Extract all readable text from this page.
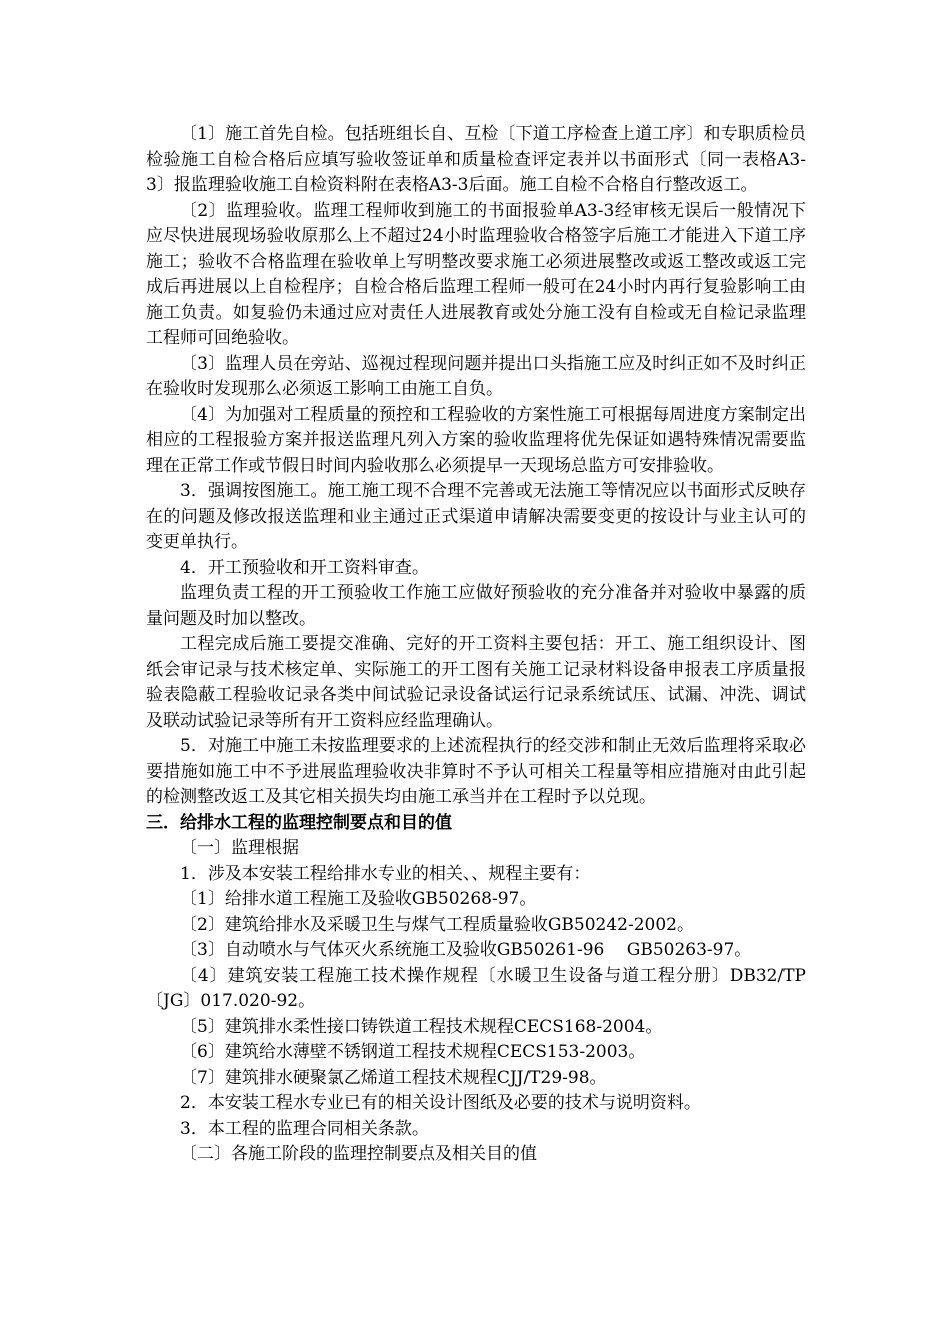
〔1〕施工首先自检。包括班组长自、互检〔下道工序检查上道工序〕和专职质检员检验施工自检合格后应填写验收签证单和质量检查评定表并以书面形式〔同一表格A3-3〕报监理验收施工自检资料附在表格A3-3后面。施工自检不合格自行整改返工。

〔2〕监理验收。监理工程师收到施工的书面报验单A3-3经审核无误后一般情况下应尽快进展现场验收原那么上不超过24小时监理验收合格签字后施工才能进入下道工序施工；验收不合格监理在验收单上写明整改要求施工必须进展整改或返工整改或返工完成后再进展以上自检程序；自检合格后监理工程师一般可在24小时内再行复验影响工由施工负责。如复验仍未通过应对责任人进展教育或处分施工没有自检或无自检记录监理工程师可回绝验收。

〔3〕监理人员在旁站、巡视过程现问题并提出口头指施工应及时纠正如不及时纠正在验收时发现那么必须返工影响工由施工自负。

〔4〕为加强对工程质量的预控和工程验收的方案性施工可根据每周进度方案制定出相应的工程报验方案并报送监理凡列入方案的验收监理将优先保证如遇特殊情况需要监理在正常工作或节假日时间内验收那么必须提早一天现场总监方可安排验收。

3．强调按图施工。施工施工现不合理不完善或无法施工等情况应以书面形式反映存在的问题及修改报送监理和业主通过正式渠道申请解决需要变更的按设计与业主认可的变更单执行。

4．开工预验收和开工资料审查。

监理负责工程的开工预验收工作施工应做好预验收的充分准备并对验收中暴露的质量问题及时加以整改。

工程完成后施工要提交准确、完好的开工资料主要包括：开工、施工组织设计、图纸会审记录与技术核定单、实际施工的开工图有关施工记录材料设备申报表工序质量报验表隐蔽工程验收记录各类中间试验记录设备试运行记录系统试压、试漏、冲洗、调试及联动试验记录等所有开工资料应经监理确认。

5．对施工中施工未按监理要求的上述流程执行的经交涉和制止无效后监理将采取必要措施如施工中不予进展监理验收决非算时不予认可相关工程量等相应措施对由此引起的检测整改返工及其它相关损失均由施工承当并在工程时予以兑现。

三．给排水工程的监理控制要点和目的值

〔一〕监理根据

1．涉及本安装工程给排水专业的相关、、规程主要有：

〔1〕给排水道工程施工及验收GB50268-97。

〔2〕建筑给排水及采暖卫生与煤气工程质量验收GB50242-2002。

〔3〕自动喷水与气体灭火系统施工及验收GB50261-96　 GB50263-97。

〔4〕建筑安装工程施工技术操作规程〔水暖卫生设备与道工程分册〕DB32/TP〔JG〕017.020-92。

〔5〕建筑排水柔性接口铸铁道工程技术规程CECS168-2004。

〔6〕建筑给水薄壁不锈钢道工程技术规程CECS153-2003。

〔7〕建筑排水硬聚氯乙烯道工程技术规程CJJ/T29-98。

2．本安装工程水专业已有的相关设计图纸及必要的技术与说明资料。

3．本工程的监理合同相关条款。

〔二〕各施工阶段的监理控制要点及相关目的值
